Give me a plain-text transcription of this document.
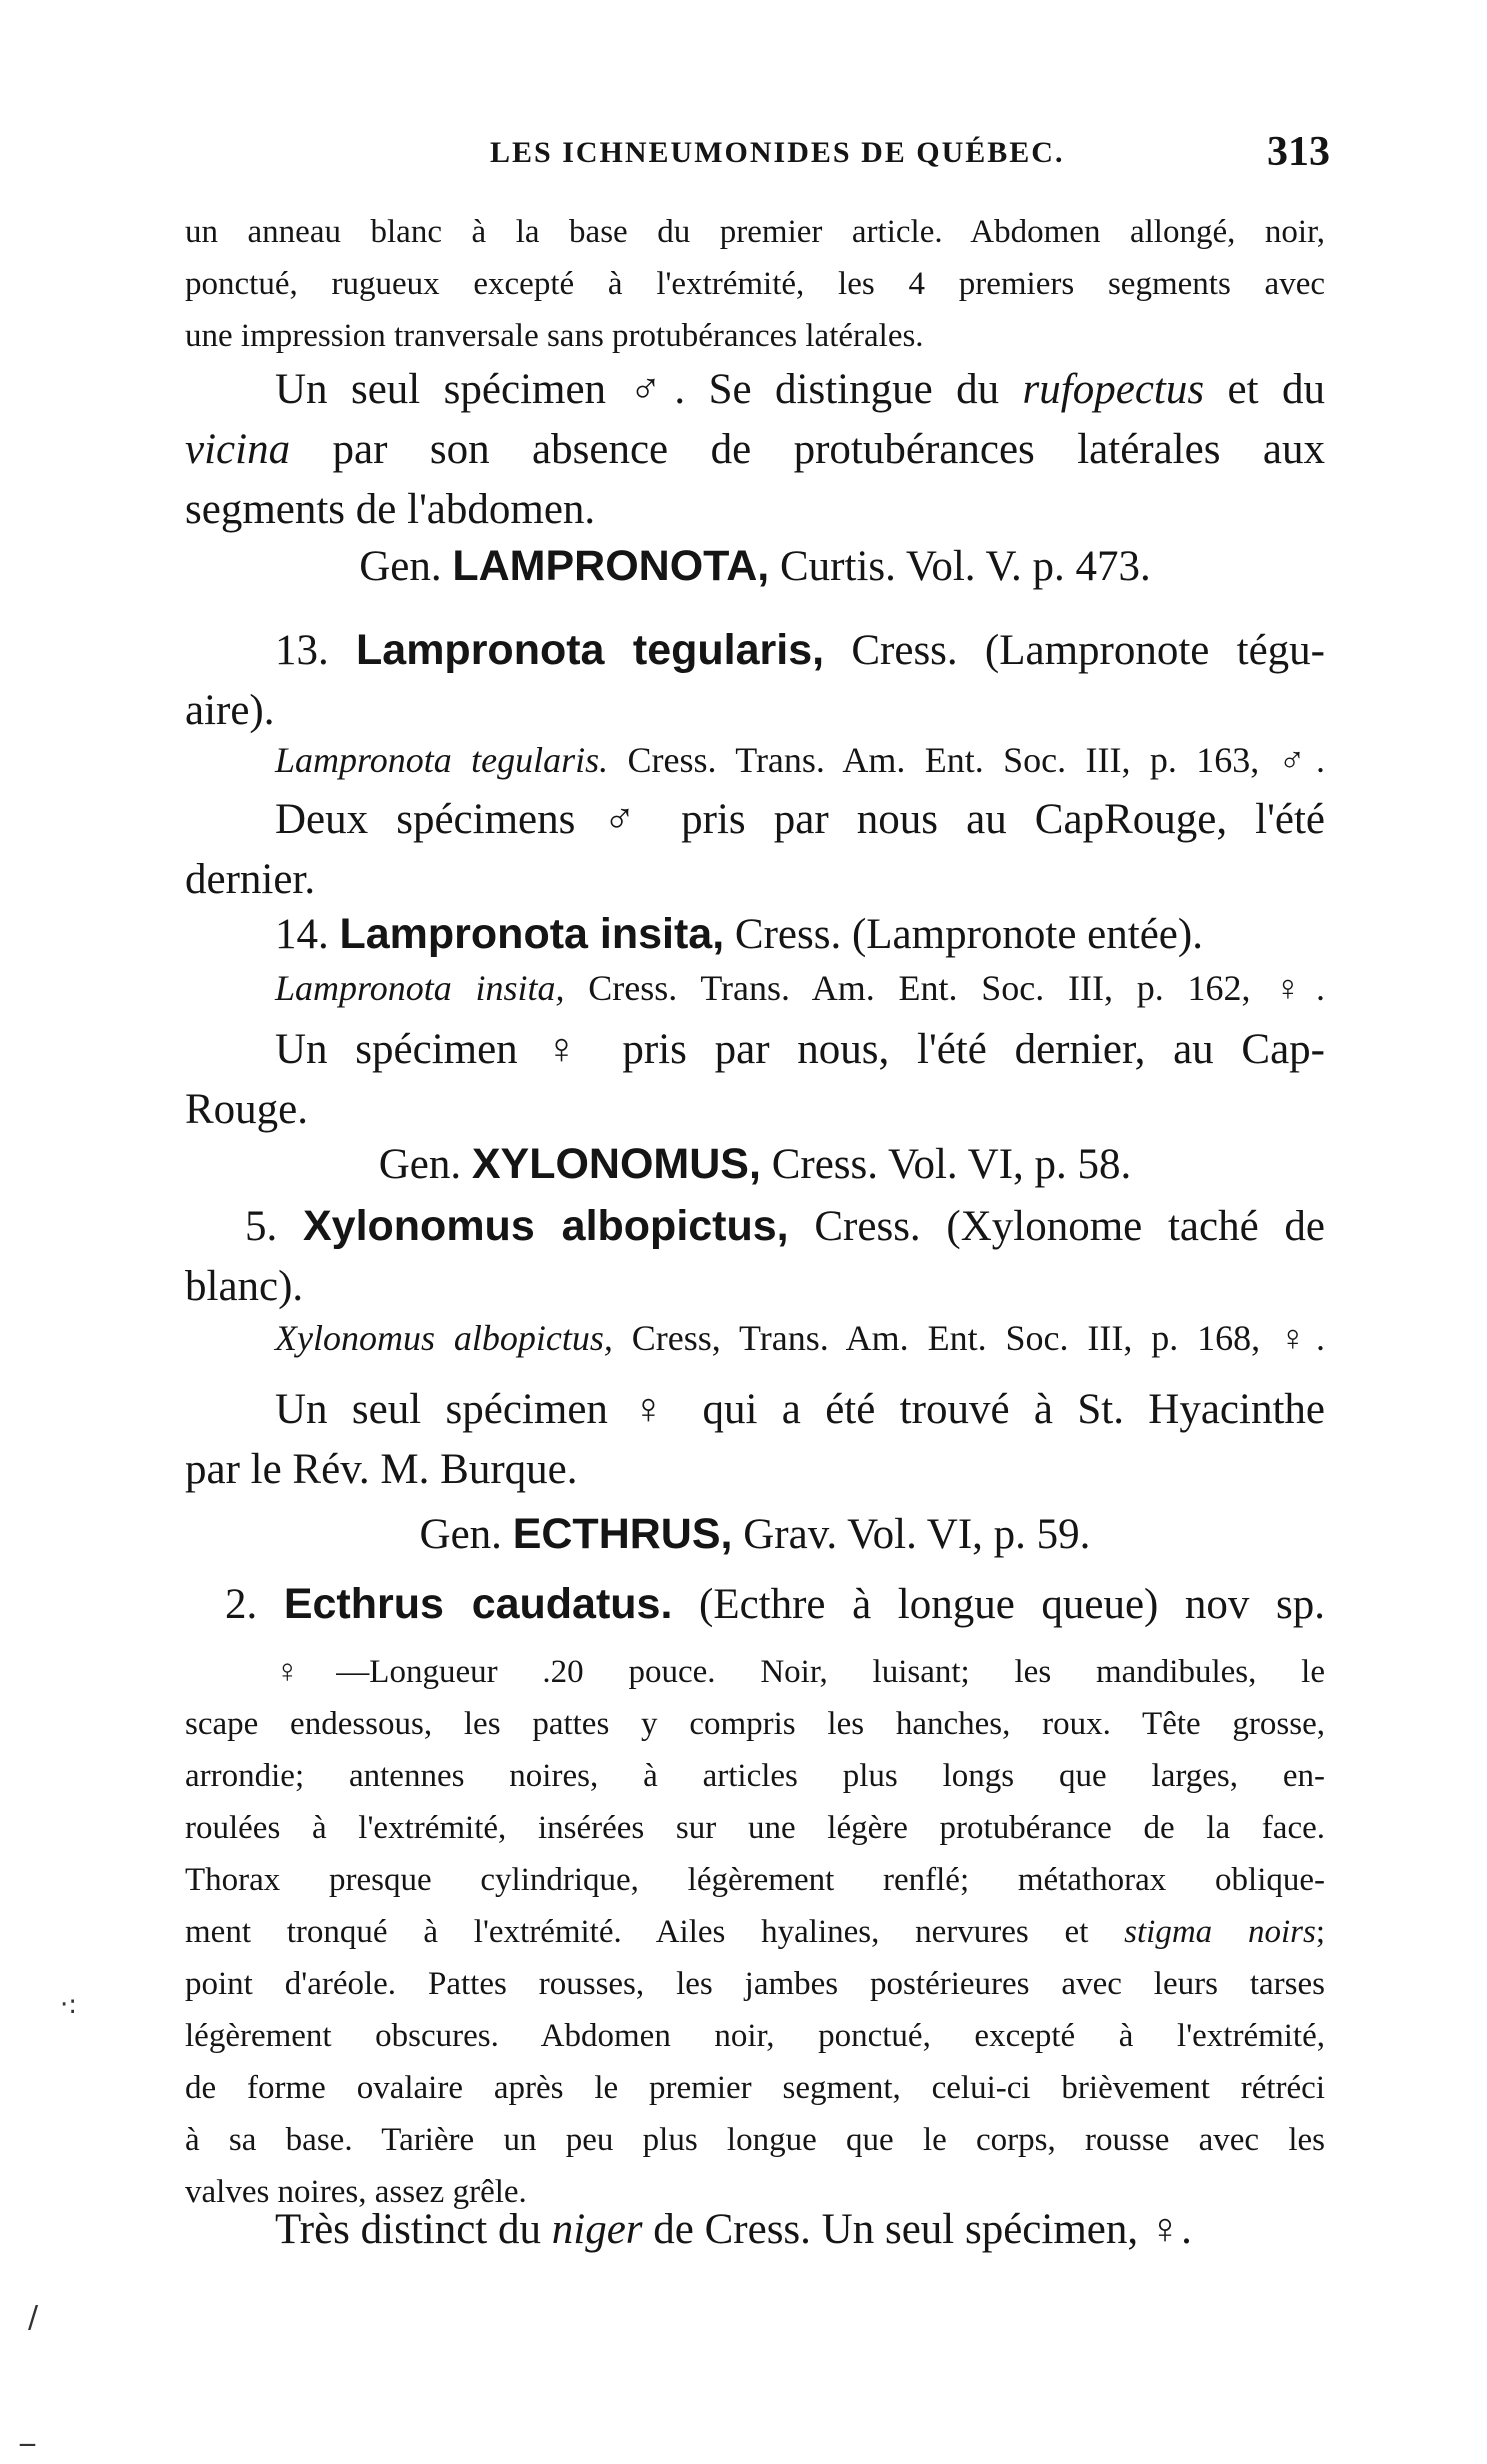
LES ICHNEUMONIDES DE QUÉBEC.	313
un anneau blanc à la base du premier article. Abdomen allongé, noir,
ponctué, rugueux excepté à l'extrémité, les 4 premiers segments avec
une impression tranversale sans protubérances latérales.
Un seul spécimen ♂. Se distingue du rufopectus et du
vicina par son absence de protubérances latérales aux
segments de l'abdomen.
Gen. LAMPRONOTA, Curtis. Vol. V. p. 473.
13. Lampronota tegularis, Cress. (Lampronote tégu-
aire).
Lampronota tegularis. Cress. Trans. Am. Ent. Soc. III, p. 163, ♂.
Deux spécimens ♂ pris par nous au CapRouge, l'été
dernier.
14. Lampronota insita, Cress. (Lampronote entée).
Lampronota insita, Cress. Trans. Am. Ent. Soc. III, p. 162, ♀.
Un spécimen ♀ pris par nous, l'été dernier, au Cap-
Rouge.
Gen. XYLONOMUS, Cress. Vol. VI, p. 58.
5. Xylonomus albopictus, Cress. (Xylonome taché de
blanc).
Xylonomus albopictus, Cress, Trans. Am. Ent. Soc. III, p. 168, ♀.
Un seul spécimen ♀ qui a été trouvé à St. Hyacinthe
par le Rév. M. Burque.
Gen. ECTHRUS, Grav. Vol. VI, p. 59.
2. Ecthrus caudatus. (Ecthre à longue queue) nov sp.
♀—Longueur .20 pouce. Noir, luisant; les mandibules, le
scape endessous, les pattes y compris les hanches, roux. Tête grosse,
arrondie; antennes noires, à articles plus longs que larges, en-
roulées à l'extrémité, insérées sur une légère protubérance de la face.
Thorax presque cylindrique, légèrement renflé; métathorax oblique-
ment tronqué à l'extrémité. Ailes hyalines, nervures et stigma noirs;
point d'aréole. Pattes rousses, les jambes postérieures avec leurs tarses
légèrement obscures. Abdomen noir, ponctué, excepté à l'extrémité,
de forme ovalaire après le premier segment, celui-ci brièvement rétréci
à sa base. Tarière un peu plus longue que le corps, rousse avec les
valves noires, assez grêle.
Très distinct du niger de Cress. Un seul spécimen, ♀.
·:
/
_
